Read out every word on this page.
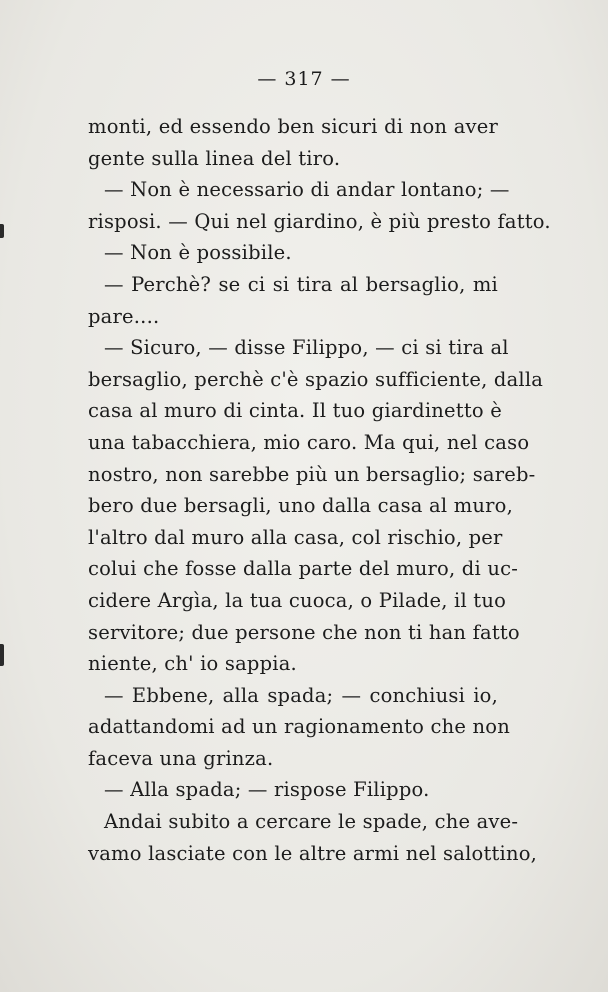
— 317 —
monti, ed essendo ben sicuri di non aver
gente sulla linea del tiro.
— Non è necessario di andar lontano; —
risposi. — Qui nel giardino, è più presto fatto.
— Non è possibile.
— Perchè? se ci si tira al bersaglio, mi
pare....
— Sicuro, — disse Filippo, — ci si tira al
bersaglio, perchè c'è spazio sufficiente, dalla
casa al muro di cinta. Il tuo giardinetto è
una tabacchiera, mio caro. Ma qui, nel caso
nostro, non sarebbe più un bersaglio; sareb-
bero due bersagli, uno dalla casa al muro,
l'altro dal muro alla casa, col rischio, per
colui che fosse dalla parte del muro, di uc-
cidere Argìa, la tua cuoca, o Pilade, il tuo
servitore; due persone che non ti han fatto
niente, ch' io sappia.
— Ebbene, alla spada; — conchiusi io,
adattandomi ad un ragionamento che non
faceva una grinza.
— Alla spada; — rispose Filippo.
Andai subito a cercare le spade, che ave-
vamo lasciate con le altre armi nel salottino,
